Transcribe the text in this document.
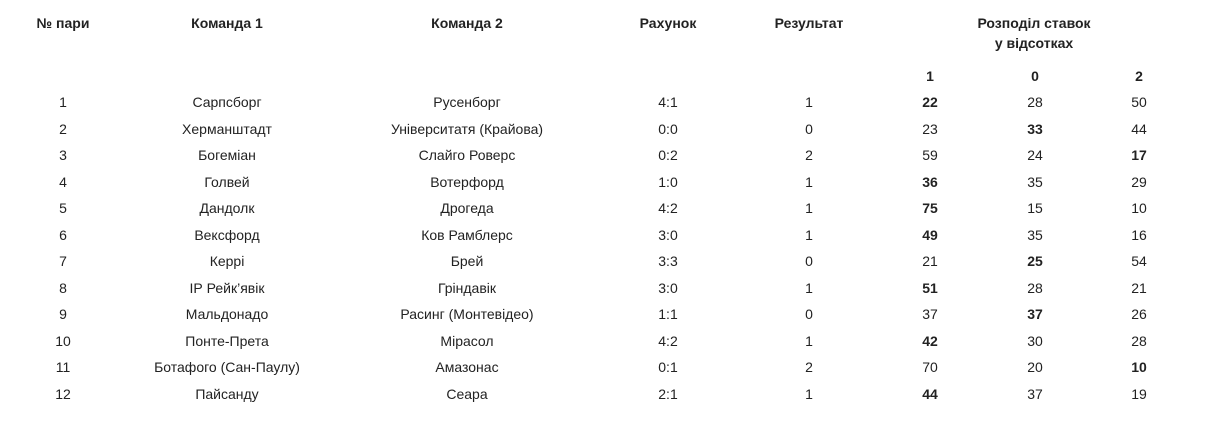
№ пари	Команда 1	Команда 2	Рахунок	Результат	Розподіл ставок
у відсотках		

					1	0	2
1	Сарпсборг	Русенборг	4:1	1	22	28	50
2	Херманштадт	Університатя (Крайова)	0:0	0	23	33	44
3	Богеміан	Слайго Роверс	0:2	2	59	24	17
4	Голвей	Вотерфорд	1:0	1	36	35	29
5	Дандолк	Дрогеда	4:2	1	75	15	10
6	Вексфорд	Ков Рамблерс	3:0	1	49	35	16
7	Керрі	Брей	3:3	0	21	25	54
8	ІР Рейк’явік	Гріндавік	3:0	1	51	28	21
9	Мальдонадо	Расинг (Монтевідео)	1:1	0	37	37	26
10	Понте-Прета	Мірасол	4:2	1	42	30	28
11	Ботафого (Сан-Паулу)	Амазонас	0:1	2	70	20	10
12	Пайсанду	Сеара	2:1	1	44	37	19
